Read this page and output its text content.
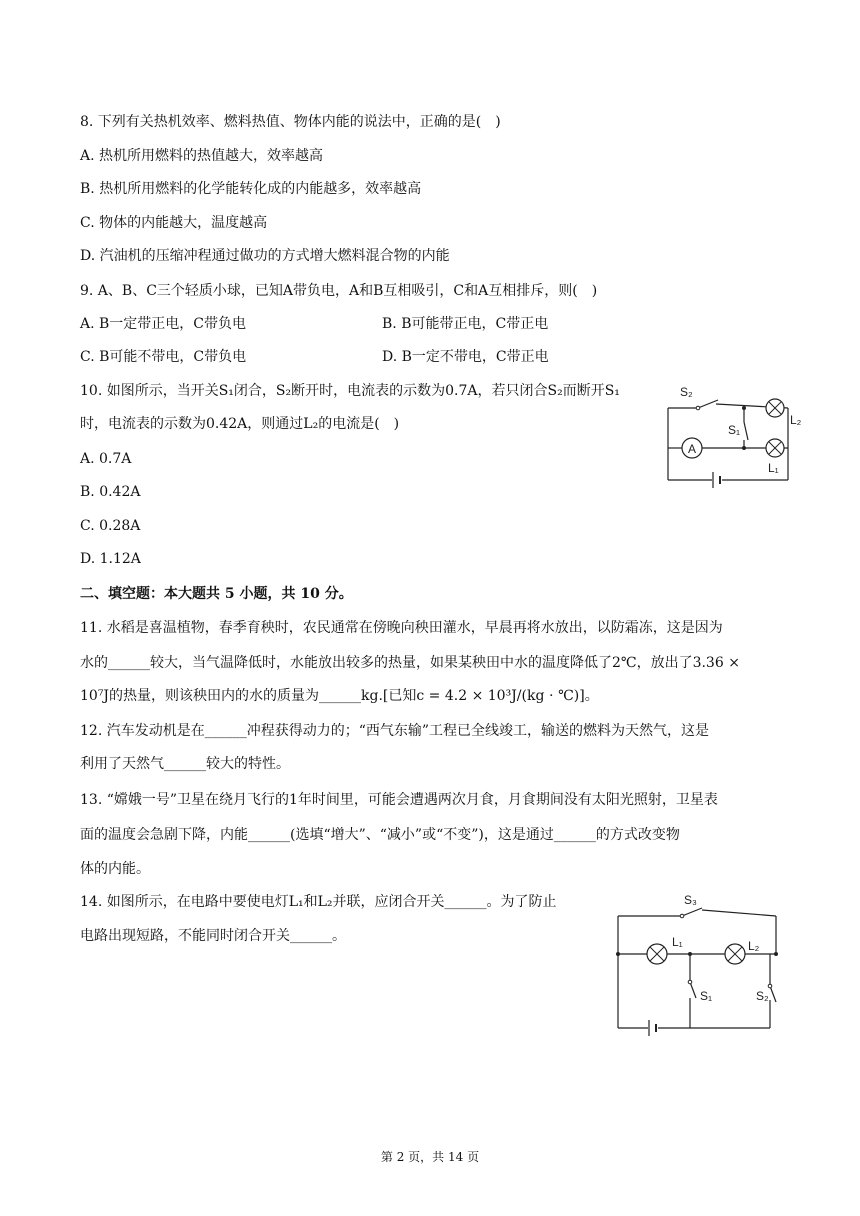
8. 下列有关热机效率、燃料热值、物体内能的说法中，正确的是(　)
A. 热机所用燃料的热值越大，效率越高
B. 热机所用燃料的化学能转化成的内能越多，效率越高
C. 物体的内能越大，温度越高
D. 汽油机的压缩冲程通过做功的方式增大燃料混合物的内能
9. A、B、C三个轻质小球，已知A带负电，A和B互相吸引，C和A互相排斥，则(　)
A. B一定带正电，C带负电	B. B可能带正电，C带正电
C. B可能不带电，C带负电	D. B一定不带电，C带正电
10. 如图所示，当开关S₁闭合，S₂断开时，电流表的示数为0.7A，若只闭合S₂而断开S₁
时，电流表的示数为0.42A，则通过L₂的电流是(　)
A. 0.7A
B. 0.42A
C. 0.28A
D. 1.12A
A
S₂
S₁
L₂
L₁
二、填空题：本大题共 5 小题，共 10 分。
11. 水稻是喜温植物，春季育秧时，农民通常在傍晚向秧田灌水，早晨再将水放出，以防霜冻，这是因为
水的______较大，当气温降低时，水能放出较多的热量，如果某秧田中水的温度降低了2℃，放出了3.36 ×
10⁷J的热量，则该秧田内的水的质量为______kg.[已知c = 4.2 × 10³J/(kg ⋅ ℃)]。
12. 汽车发动机是在______冲程获得动力的；“西气东输”工程已全线竣工，输送的燃料为天然气，这是
利用了天然气______较大的特性。
13. “嫦娥一号”卫星在绕月飞行的1年时间里，可能会遭遇两次月食，月食期间没有太阳光照射，卫星表
面的温度会急剧下降，内能______(选填“增大”、“减小”或“不变”)，这是通过______的方式改变物
体的内能。
14. 如图所示，在电路中要使电灯L₁和L₂并联，应闭合开关______。为了防止
电路出现短路，不能同时闭合开关______。
S₃
L₁	L₂
S₁	S₂
第 2 页，共 14 页
